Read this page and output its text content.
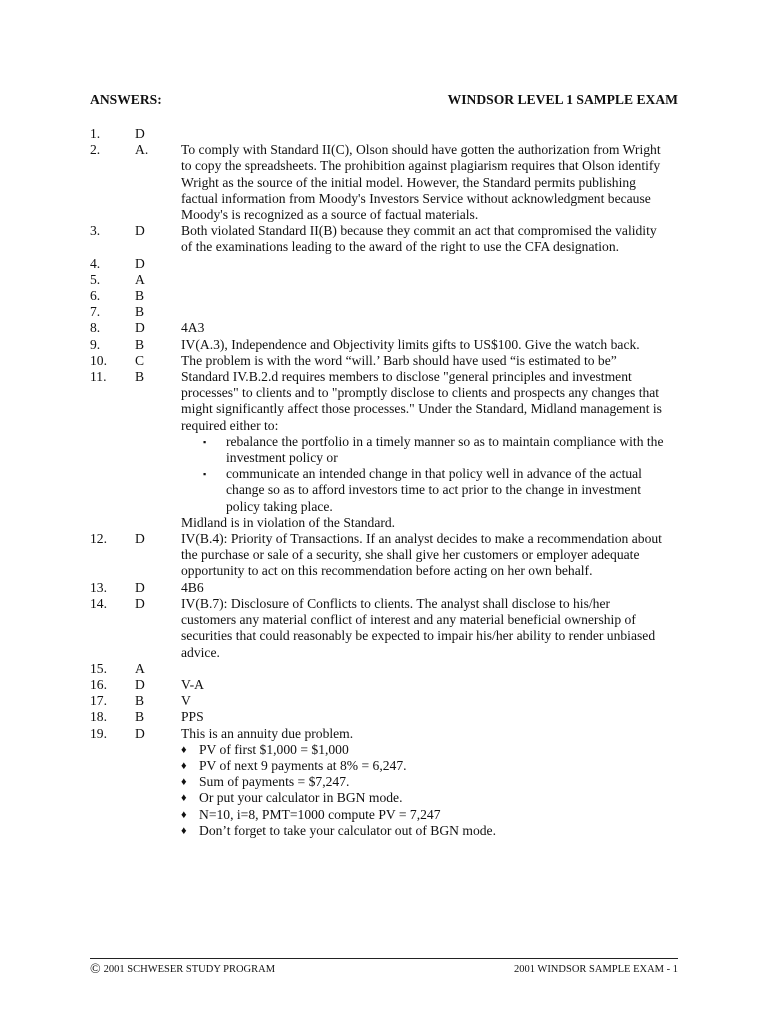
ANSWERS:	WINDSOR LEVEL 1 SAMPLE EXAM
1.	D

2.	A. To comply with Standard II(C), Olson should have gotten the authorization from Wright
to copy the spreadsheets. The prohibition against plagiarism requires that Olson identify
Wright as the source of the initial model. However, the Standard permits publishing
factual information from Moody's Investors Service without acknowledgment because
Moody's is recognized as a source of factual materials.
3.	D	Both violated Standard II(B) because they commit an act that compromised the validity
of the examinations leading to the award of the right to use the CFA designation.
4.	D

5.	A

6.	B

7.	B

8.	D	4A3
9.	B	IV(A.3), Independence and Objectivity limits gifts to US$100. Give the watch back.
10.	C	The problem is with the word “will.’ Barb should have used “is estimated to be”
11.	B	Standard IV.B.2.d requires members to disclose "general principles and investment
processes" to clients and to "promptly disclose to clients and prospects any changes that
might significantly affect those processes." Under the Standard, Midland management is
required either to:
▪ rebalance the portfolio in a timely manner so as to maintain compliance with the
investment policy or
▪ communicate an intended change in that policy well in advance of the actual
change so as to afford investors time to act prior to the change in investment
policy taking place.
Midland is in violation of the Standard.
12.	D	IV(B.4): Priority of Transactions. If an analyst decides to make a recommendation about
the purchase or sale of a security, she shall give her customers or employer adequate
opportunity to act on this recommendation before acting on her own behalf.
13.	D	4B6
14.	D	IV(B.7): Disclosure of Conflicts to clients. The analyst shall disclose to his/her
customers any material conflict of interest and any material beneficial ownership of
securities that could reasonably be expected to impair his/her ability to render unbiased
advice.
15.	A

16.	D	V-A
17.	B	V
18.	B	PPS
19.	D	This is an annuity due problem.
♦ PV of first $1,000 = $1,000
♦ PV of next 9 payments at 8% = 6,247.
♦ Sum of payments = $7,247.
♦ Or put your calculator in BGN mode.
♦ N=10, i=8, PMT=1000 compute PV = 7,247
♦ Don’t forget to take your calculator out of BGN mode.
© 2001 SCHWESER STUDY PROGRAM	2001 WINDSOR SAMPLE EXAM - 1
